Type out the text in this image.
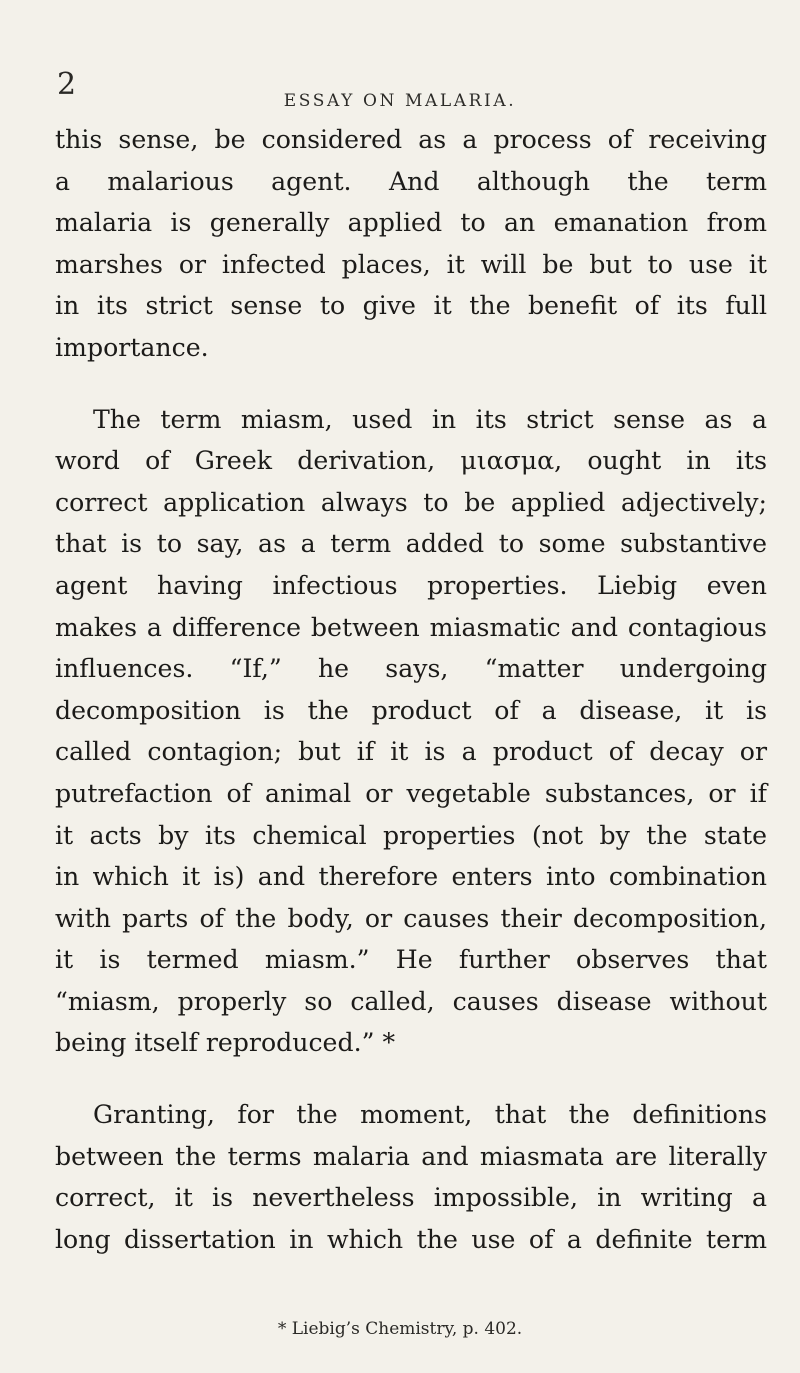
2	ESSAY ON MALARIA.
this sense, be considered as a process of receiving
a malarious agent. And although the term
malaria is generally applied to an emanation from
marshes or infected places, it will be but to use it
in its strict sense to give it the benefit of its full
importance.
The term miasm, used in its strict sense as a
word of Greek derivation, μιασμα, ought in its
correct application always to be applied adjectively;
that is to say, as a term added to some substantive
agent having infectious properties. Liebig even
makes a difference between miasmatic and contagious
influences. “If,” he says, “matter undergoing
decomposition is the product of a disease, it is
called contagion; but if it is a product of decay or
putrefaction of animal or vegetable substances, or if
it acts by its chemical properties (not by the state
in which it is) and therefore enters into combination
with parts of the body, or causes their decomposition,
it is termed miasm.” He further observes that
“miasm, properly so called, causes disease without
being itself reproduced.” *
Granting, for the moment, that the definitions
between the terms malaria and miasmata are literally
correct, it is nevertheless impossible, in writing a
long dissertation in which the use of a definite term
* Liebig’s Chemistry, p. 402.
